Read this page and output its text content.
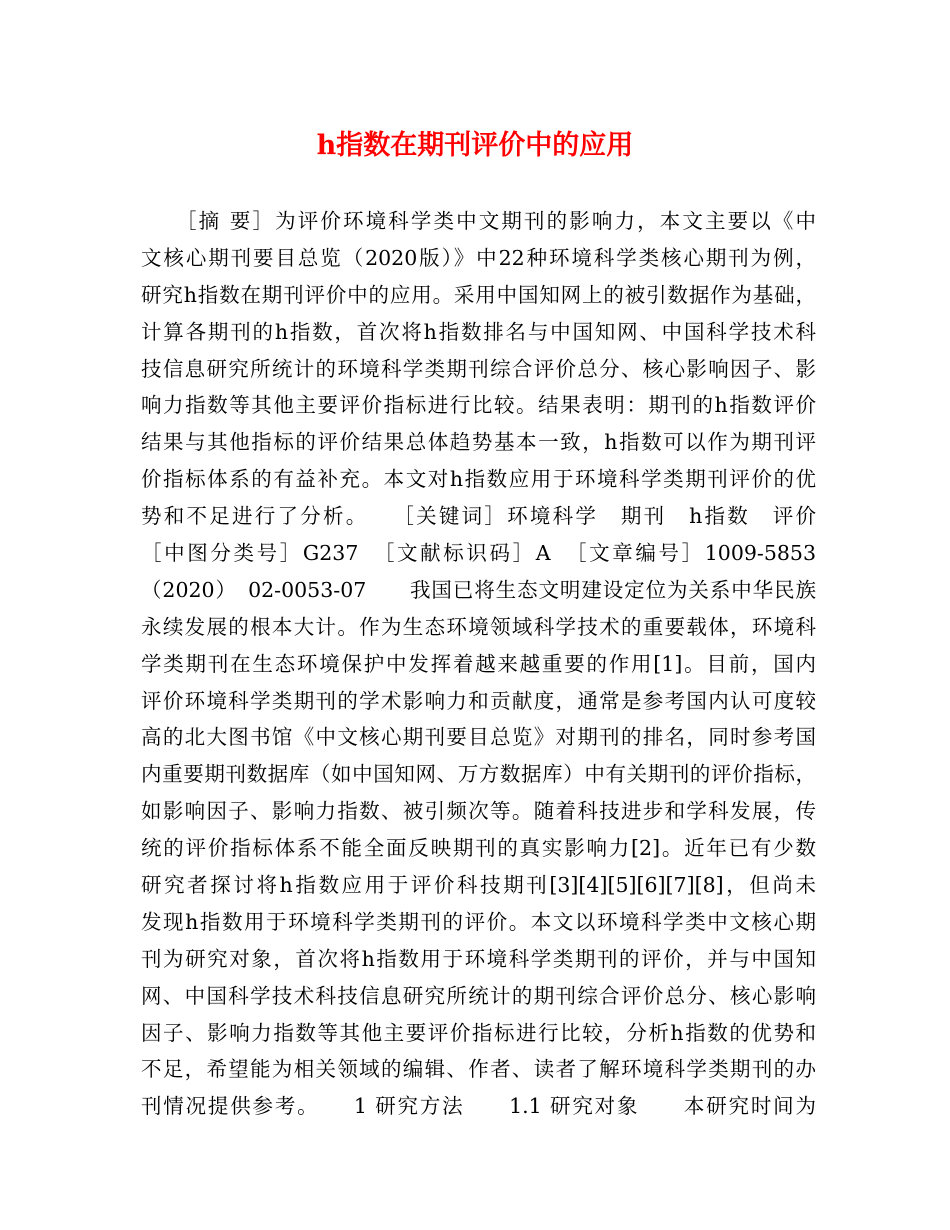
h指数在期刊评价中的应用
　　［摘 要］为评价环境科学类中文期刊的影响力，本文主要以《中
文核心期刊要目总览（2020版）》中22种环境科学类核心期刊为例，
研究h指数在期刊评价中的应用。采用中国知网上的被引数据作为基础，
计算各期刊的h指数，首次将h指数排名与中国知网、中国科学技术科
技信息研究所统计的环境科学类期刊综合评价总分、核心影响因子、影
响力指数等其他主要评价指标进行比较。结果表明：期刊的h指数评价
结果与其他指标的评价结果总体趋势基本一致，h指数可以作为期刊评
价指标体系的有益补充。本文对h指数应用于环境科学类期刊评价的优
势和不足进行了分析。　　［关键词］环境科学　期刊　h指数　评价
［中图分类号］G237　［文献标识码］A　［文章编号］1009-5853
（2020）　02-0053-07　　我国已将生态文明建设定位为关系中华民族
永续发展的根本大计。作为生态环境领域科学技术的重要载体，环境科
学类期刊在生态环境保护中发挥着越来越重要的作用[1]。目前，国内
评价环境科学类期刊的学术影响力和贡献度，通常是参考国内认可度较
高的北大图书馆《中文核心期刊要目总览》对期刊的排名，同时参考国
内重要期刊数据库（如中国知网、万方数据库）中有关期刊的评价指标，
如影响因子、影响力指数、被引频次等。随着科技进步和学科发展，传
统的评价指标体系不能全面反映期刊的真实影响力[2]。近年已有少数
研究者探讨将h指数应用于评价科技期刊[3][4][5][6][7][8]，但尚未
发现h指数用于环境科学类期刊的评价。本文以环境科学类中文核心期
刊为研究对象，首次将h指数用于环境科学类期刊的评价，并与中国知
网、中国科学技术科技信息研究所统计的期刊综合评价总分、核心影响
因子、影响力指数等其他主要评价指标进行比较，分析h指数的优势和
不足，希望能为相关领域的编辑、作者、读者了解环境科学类期刊的办
刊情况提供参考。　　1 研究方法　　1.1 研究对象　　本研究时间为
